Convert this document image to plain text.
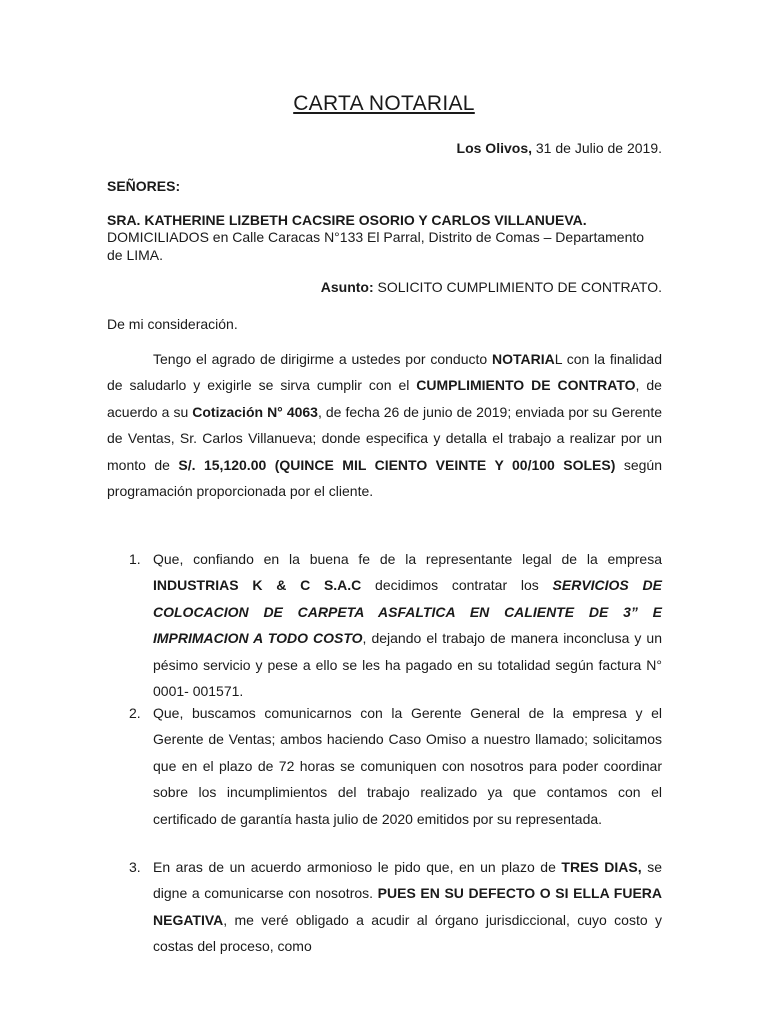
CARTA NOTARIAL
Los Olivos, 31 de Julio de 2019.
SEÑORES:
SRA. KATHERINE LIZBETH CACSIRE OSORIO Y CARLOS VILLANUEVA.
DOMICILIADOS en Calle Caracas N°133 El Parral, Distrito de Comas – Departamento de LIMA.
Asunto: SOLICITO CUMPLIMIENTO DE CONTRATO.
De mi consideración.
Tengo el agrado de dirigirme a ustedes por conducto NOTARIAL con la finalidad de saludarlo y exigirle se sirva cumplir con el CUMPLIMIENTO DE CONTRATO, de acuerdo a su Cotización N° 4063, de fecha 26 de junio de 2019; enviada por su Gerente de Ventas, Sr. Carlos Villanueva; donde especifica y detalla el trabajo a realizar por un monto de S/. 15,120.00 (QUINCE MIL CIENTO VEINTE Y 00/100 SOLES) según programación proporcionada por el cliente.
1. Que, confiando en la buena fe de la representante legal de la empresa INDUSTRIAS K & C S.A.C decidimos contratar los SERVICIOS DE COLOCACION DE CARPETA ASFALTICA EN CALIENTE DE 3” E IMPRIMACION A TODO COSTO, dejando el trabajo de manera inconclusa y un pésimo servicio y pese a ello se les ha pagado en su totalidad según factura N° 0001- 001571.
2. Que, buscamos comunicarnos con la Gerente General de la empresa y el Gerente de Ventas; ambos haciendo Caso Omiso a nuestro llamado; solicitamos que en el plazo de 72 horas se comuniquen con nosotros para poder coordinar sobre los incumplimientos del trabajo realizado ya que contamos con el certificado de garantía hasta julio de 2020 emitidos por su representada.
3. En aras de un acuerdo armonioso le pido que, en un plazo de TRES DIAS, se digne a comunicarse con nosotros. PUES EN SU DEFECTO O SI ELLA FUERA NEGATIVA, me veré obligado a acudir al órgano jurisdiccional, cuyo costo y costas del proceso, como
